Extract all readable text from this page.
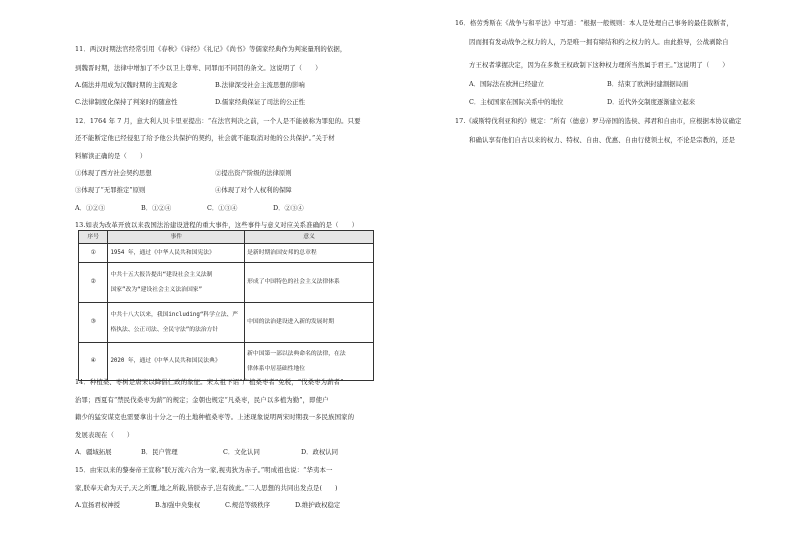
11．两汉时期法官经常引用《春秋》《诗经》《礼记》《尚书》等儒家经典作为判案量刑的依据，
到魏晋时期，法律中增加了不少以卫上尊卑、同罪而不同罚的条文。这说明了（　　）
A.儒法并用成为汉魏时期的主流观念	B.法律深受社会主流思想的影响
C.法律制度化保持了判案时的随意性	D.儒家经典保证了司法的公正性
12．1764 年 7 月，意大利人贝卡里亚提出：“在法官判决之前，一个人是不能被称为罪犯的。只要
还不能断定他已经侵犯了给予他公共保护的契约，社会就不能取消对他的公共保护。”关于材
料解读正确的是（　　）
①体现了西方社会契约思想	②提出资产阶级的法律原则
③体现了“无罪推定”原则	④体现了对个人权利的保障
A．①②③	B．①②④	C．①③④	D．②③④
13.如表为改革开放以来我国法治建设进程的重大事件，这些事件与意义对应关系准确的是（　　）
序号	事件	意义
①	1954 年，通过《中华人民共和国宪法》	是新时期治国安邦的总章程

②	中共十五大报告提出“建设社会主义法制
国家”改为“建设社会主义法治国家”	形成了中国特色的社会主义法律体系

③	中共十八大以来，我国including“科学立法、严
格执法、公正司法、全民守法”的法治方针	中国的法治建设进入新的发展时期

④	2020 年，通过《中华人民共和国民法典》	新中国第一部以法典命名的法律，在法
律体系中居基础性地位
14．种植桑、枣树是唐宋以降倡仁政的象征。宋太祖下诏“广植桑枣者”免税，“伐桑枣为薪者”
治罪；西夏有“禁民伐桑枣为薪”的规定；金朝也规定“凡桑枣，民户以多植为勤”，即使户
籍少的猛安谋克也需要拿出十分之一的土地种植桑枣等。上述现象说明两宋时期我一多民族国家的
发展表现在（　　）
A．疆域拓展	B．民户管理	C．文化认同	D．政权认同
15．由宋以来的黎秦帝王宣称“朕万流六合为一家,视夷狄为赤子。”明成祖也说：“华夷本一
家,朕奉天命为天子,天之所覆,地之所载,皆朕赤子,岂有彼此。”二人思想的共同出发点是(　　)
A.宣扬君权神授	B.加强中央集权	C.规范等级秩序	D.维护政权稳定
16．格劳秀斯在《战争与和平法》中写道：“根据一般规则：本人是处理自己事务的最佳裁断者，
因而拥有发动战争之权力的人，乃是唯一拥有缔结和约之权力的人。由此推导，公战剥除自
方王权者掌握决定，因为在多数王权政制下这种权力理所当然属于君王。”这说明了（　　）
A．国际法在欧洲已经建立	B．结束了欧洲封建割据局面
C．主权国家在国际关系中的地位	D．近代外交制度逐渐建立起来
17.《威斯特伐利亚和约》规定：“所有（德意）罗马帝国的选侯、邦君和自由市，应根据本协议确定
和确认享有他们自古以来的权力、特权、自由、优惠、自由行使领土权，不论是宗教的，还是
